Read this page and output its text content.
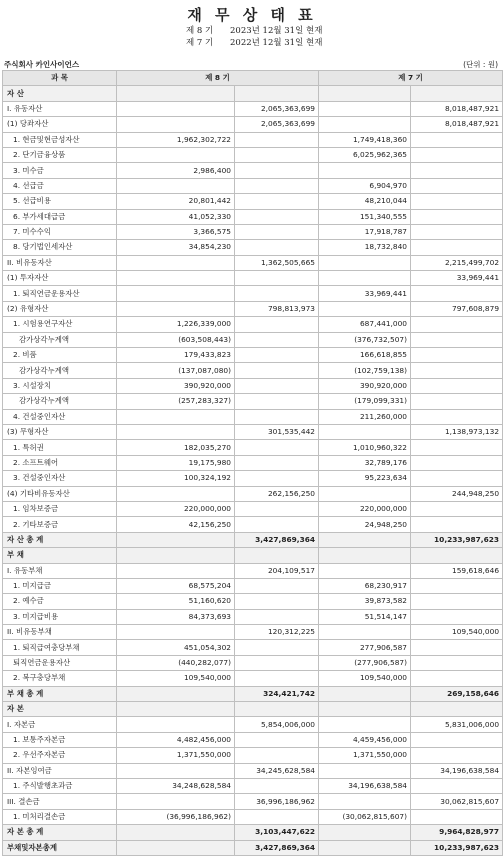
재 무 상 태 표
제 8 기
제 7 기
2023년 12월 31일 현재
2022년 12월 31일 현재
주식회사 카인사이언스	(단위 : 원)
과 목	제 8 기		제 7 기	
자 산				
I. 유동자산		2,065,363,699		8,018,487,921
(1) 당좌자산		2,065,363,699		8,018,487,921
1. 현금및현금성자산	1,962,302,722		1,749,418,360	
2. 단기금융상품			6,025,962,365	
3. 미수금	2,986,400			
4. 선급금			6,904,970	
5. 선급비용	20,801,442		48,210,044	
6. 부가세대급금	41,052,330		151,340,555	
7. 미수수익	3,366,575		17,918,787	
8. 당기법인세자산	34,854,230		18,732,840	
II. 비유동자산		1,362,505,665		2,215,499,702
(1) 투자자산				33,969,441
1. 퇴직연금운용자산			33,969,441	
(2) 유형자산		798,813,973		797,608,879
1. 시험용연구자산	1,226,339,000		687,441,000	
감가상각누계액	(603,508,443)		(376,732,507)	
2. 비품	179,433,823		166,618,855	
감가상각누계액	(137,087,080)		(102,759,138)	
3. 시설장치	390,920,000		390,920,000	
감가상각누계액	(257,283,327)		(179,099,331)	
4. 건설중인자산			211,260,000	
(3) 무형자산		301,535,442		1,138,973,132
1. 특허권	182,035,270		1,010,960,322	
2. 소프트웨어	19,175,980		32,789,176	
3. 건설중인자산	100,324,192		95,223,634	
(4) 기타비유동자산		262,156,250		244,948,250
1. 임차보증금	220,000,000		220,000,000	
2. 기타보증금	42,156,250		24,948,250	
자 산 총 계		3,427,869,364		10,233,987,623
부 채				
I. 유동부채		204,109,517		159,618,646
1. 미지급금	68,575,204		68,230,917	
2. 예수금	51,160,620		39,873,582	
3. 미지급비용	84,373,693		51,514,147	
II. 비유동부채		120,312,225		109,540,000
1. 퇴직급여충당부채	451,054,302		277,906,587	
퇴직연금운용자산	(440,282,077)		(277,906,587)	
2. 복구충당부채	109,540,000		109,540,000	
부 채 총 계		324,421,742		269,158,646
자 본				
I. 자본금		5,854,006,000		5,831,006,000
1. 보통주자본금	4,482,456,000		4,459,456,000	
2. 우선주자본금	1,371,550,000		1,371,550,000	
II. 자본잉여금		34,245,628,584		34,196,638,584
1. 주식발행초과금	34,248,628,584		34,196,638,584	
III. 결손금		36,996,186,962		30,062,815,607
1. 미처리결손금	(36,996,186,962)		(30,062,815,607)	
자 본 총 계		3,103,447,622		9,964,828,977
부채및자본총계		3,427,869,364		10,233,987,623
